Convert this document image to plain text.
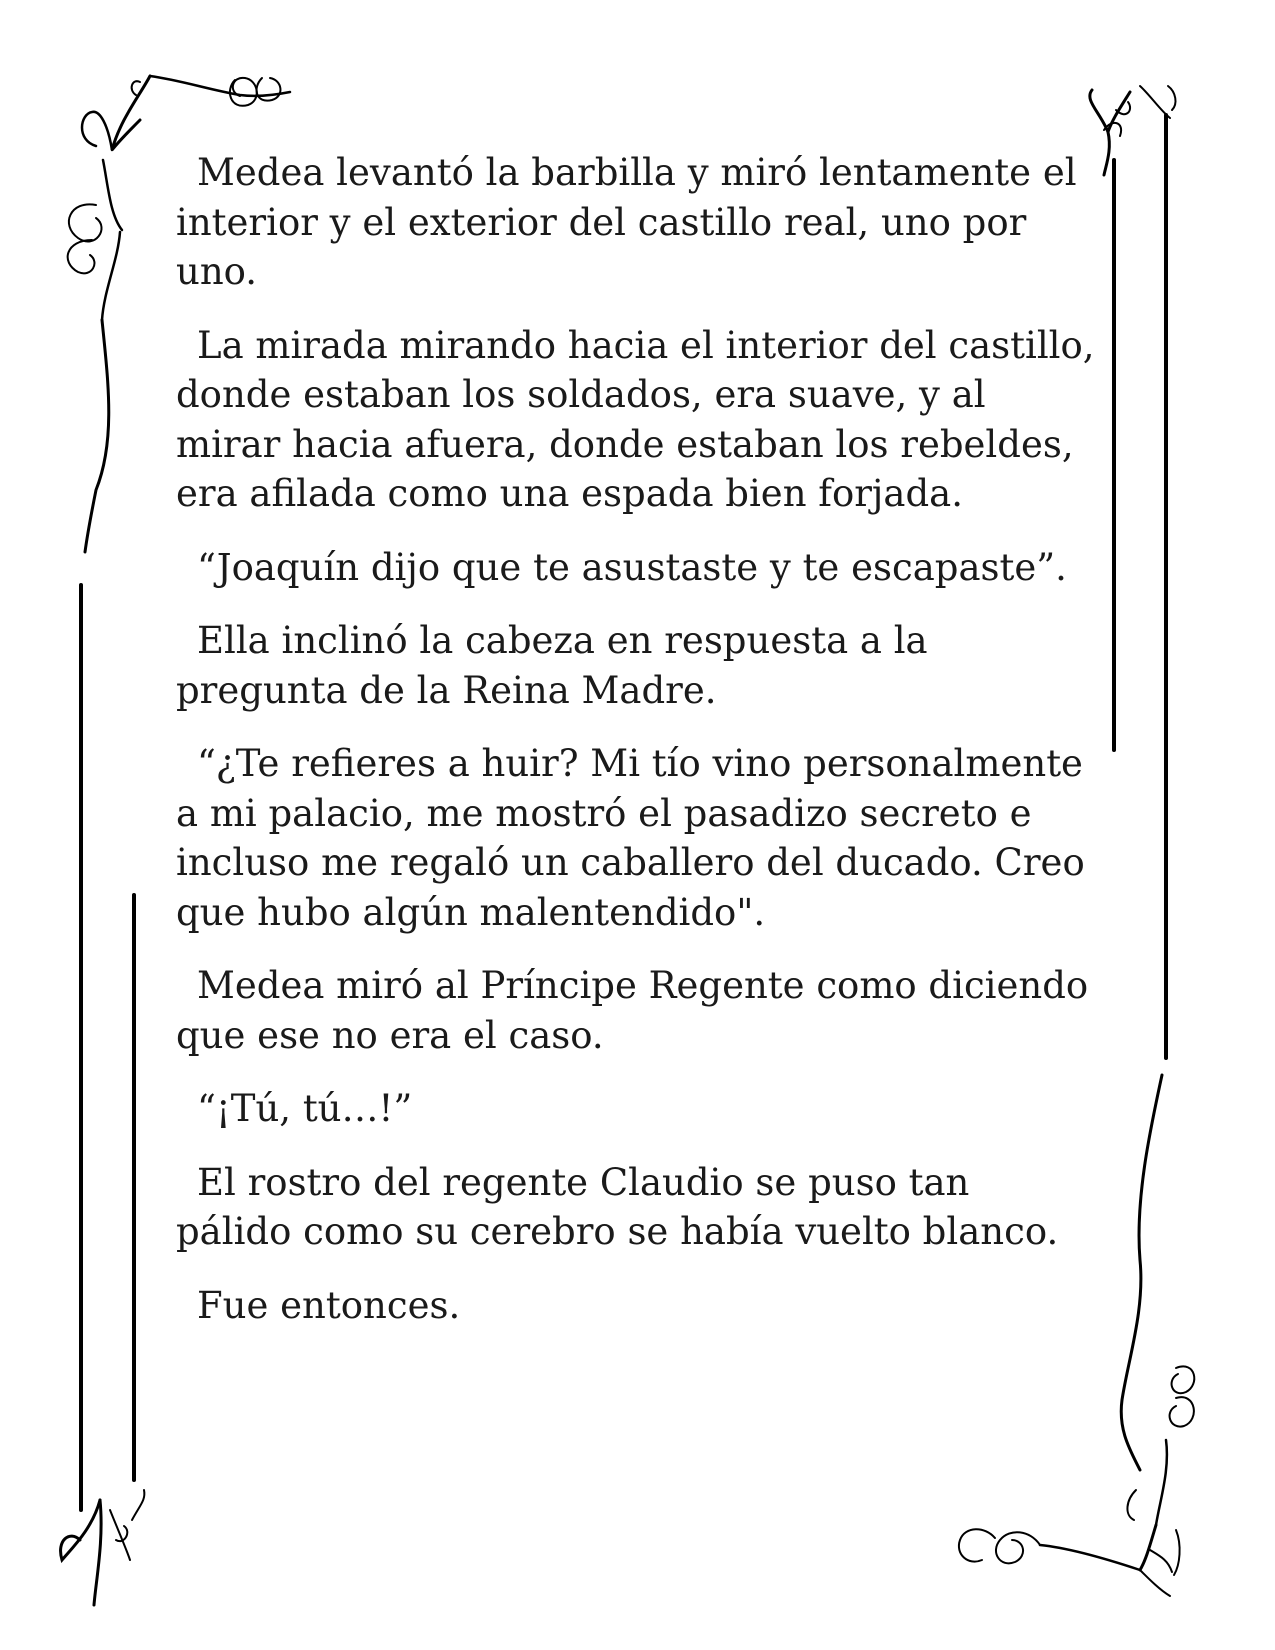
Medea levantó la barbilla y miró lentamente el interior y el exterior del castillo real, uno por uno.

La mirada mirando hacia el interior del castillo, donde estaban los soldados, era suave, y al mirar hacia afuera, donde estaban los rebeldes, era afilada como una espada bien forjada.

“Joaquín dijo que te asustaste y te escapaste”.

Ella inclinó la cabeza en respuesta a la pregunta de la Reina Madre.

“¿Te refieres a huir? Mi tío vino personalmente a mi palacio, me mostró el pasadizo secreto e incluso me regaló un caballero del ducado. Creo que hubo algún malentendido".

Medea miró al Príncipe Regente como diciendo que ese no era el caso.

“¡Tú, tú…!”

El rostro del regente Claudio se puso tan pálido como su cerebro se había vuelto blanco.

Fue entonces.
